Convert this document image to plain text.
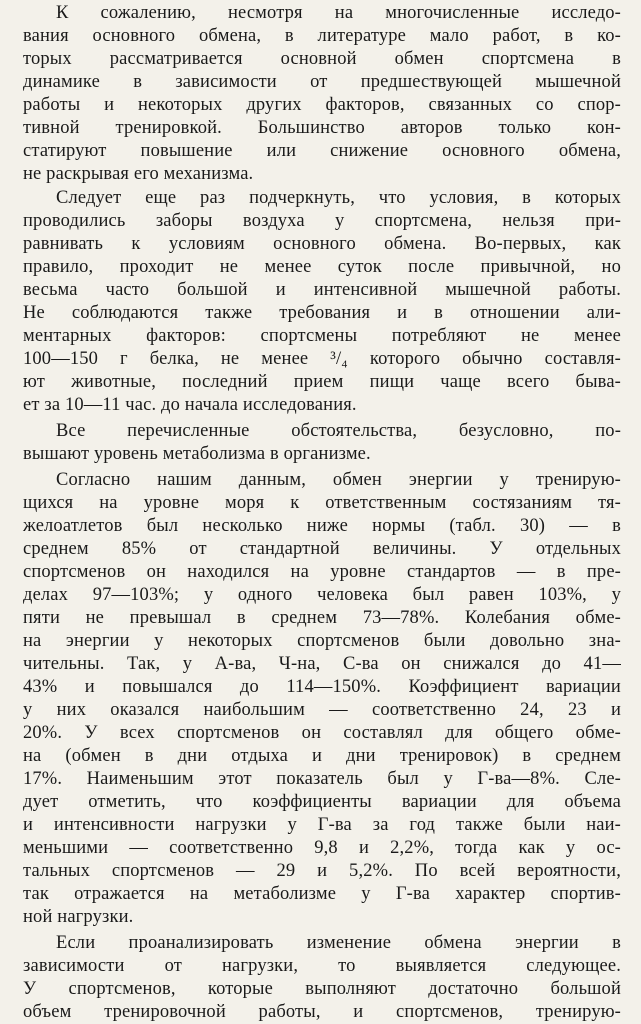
К сожалению, несмотря на многочисленные исследо-
вания основного обмена, в литературе мало работ, в ко-
торых рассматривается основной обмен спортсмена в
динамике в зависимости от предшествующей мышечной
работы и некоторых других факторов, связанных со спор-
тивной тренировкой. Большинство авторов только кон-
статируют повышение или снижение основного обмена,
не раскрывая его механизма.
Следует еще раз подчеркнуть, что условия, в которых
проводились заборы воздуха у спортсмена, нельзя при-
равнивать к условиям основного обмена. Во-первых, как
правило, проходит не менее суток после привычной, но
весьма часто большой и интенсивной мышечной работы.
Не соблюдаются также требования и в отношении али-
ментарных факторов: спортсмены потребляют не менее
100—150 г белка, не менее ³/₄ которого обычно составля-
ют животные, последний прием пищи чаще всего быва-
ет за 10—11 час. до начала исследования.
Все перечисленные обстоятельства, безусловно, по-
вышают уровень метаболизма в организме.
Согласно нашим данным, обмен энергии у тренирую-
щихся на уровне моря к ответственным состязаниям тя-
желоатлетов был несколько ниже нормы (табл. 30) — в
среднем 85% от стандартной величины. У отдельных
спортсменов он находился на уровне стандартов — в пре-
делах 97—103%; у одного человека был равен 103%, у
пяти не превышал в среднем 73—78%. Колебания обме-
на энергии у некоторых спортсменов были довольно зна-
чительны. Так, у А-ва, Ч-на, С-ва он снижался до 41—
43% и повышался до 114—150%. Коэффициент вариации
у них оказался наибольшим — соответственно 24, 23 и
20%. У всех спортсменов он составлял для общего обме-
на (обмен в дни отдыха и дни тренировок) в среднем
17%. Наименьшим этот показатель был у Г-ва—8%. Сле-
дует отметить, что коэффициенты вариации для объема
и интенсивности нагрузки у Г-ва за год также были наи-
меньшими — соответственно 9,8 и 2,2%, тогда как у ос-
тальных спортсменов — 29 и 5,2%. По всей вероятности,
так отражается на метаболизме у Г-ва характер спортив-
ной нагрузки.
Если проанализировать изменение обмена энергии в
зависимости от нагрузки, то выявляется следующее.
У спортсменов, которые выполняют достаточно большой
объем тренировочной работы, и спортсменов, тренирую-
